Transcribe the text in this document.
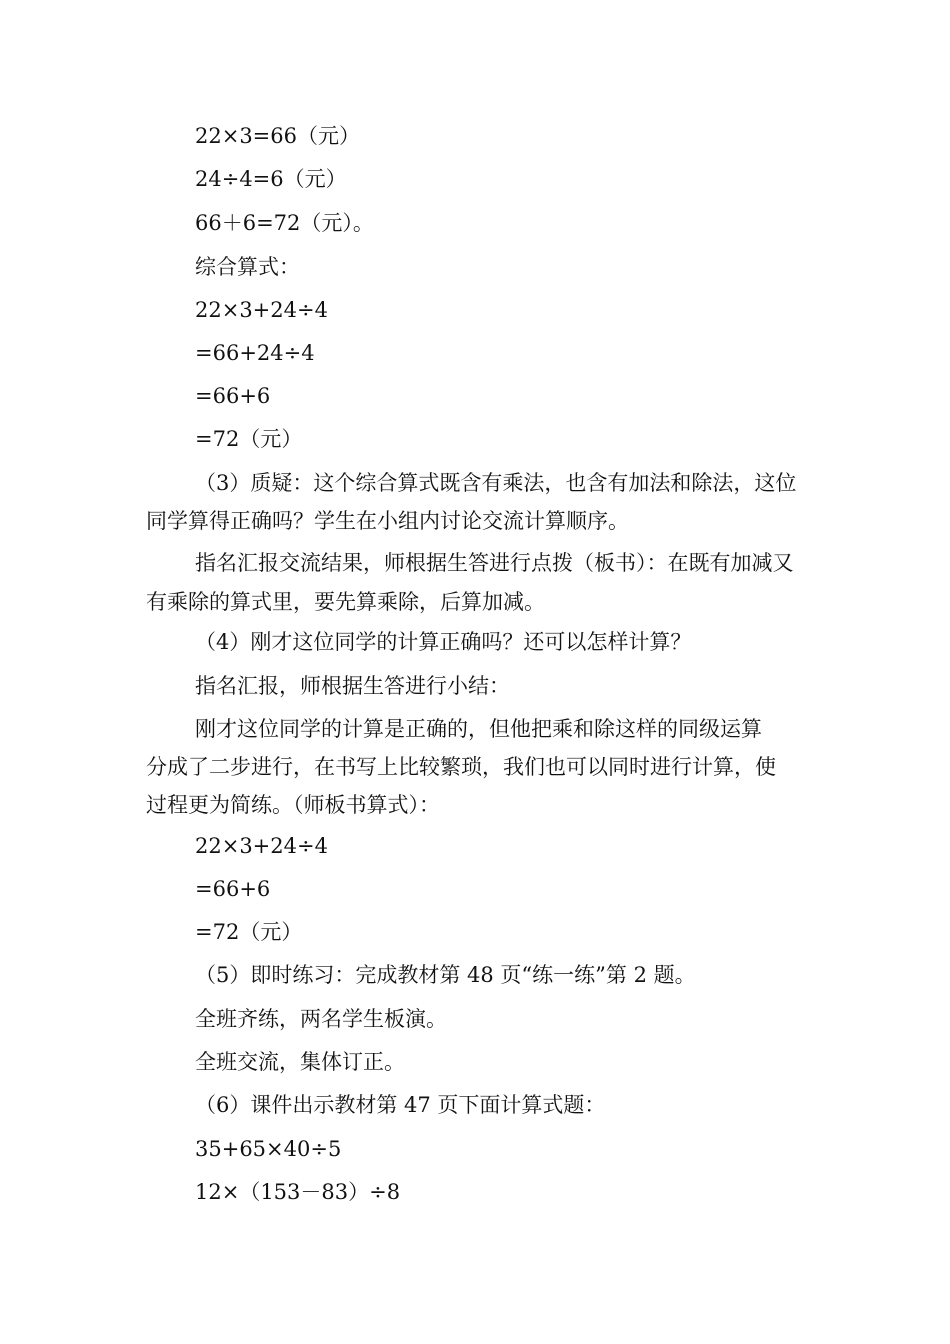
22×3=66（元）
24÷4=6（元）
66＋6=72（元）。
综合算式：
22×3+24÷4
=66+24÷4
=66+6
=72（元）
（3）质疑：这个综合算式既含有乘法，也含有加法和除法，这位
同学算得正确吗？学生在小组内讨论交流计算顺序。
指名汇报交流结果，师根据生答进行点拨（板书）：在既有加减又
有乘除的算式里，要先算乘除，后算加减。
（4）刚才这位同学的计算正确吗？还可以怎样计算？
指名汇报，师根据生答进行小结：
刚才这位同学的计算是正确的，但他把乘和除这样的同级运算
分成了二步进行，在书写上比较繁琐，我们也可以同时进行计算，使
过程更为简练。（师板书算式）：
22×3+24÷4
=66+6
=72（元）
（5）即时练习：完成教材第 48 页“练一练”第 2 题。
全班齐练，两名学生板演。
全班交流，集体订正。
（6）课件出示教材第 47 页下面计算式题：
35+65×40÷5
12×（153－83）÷8
